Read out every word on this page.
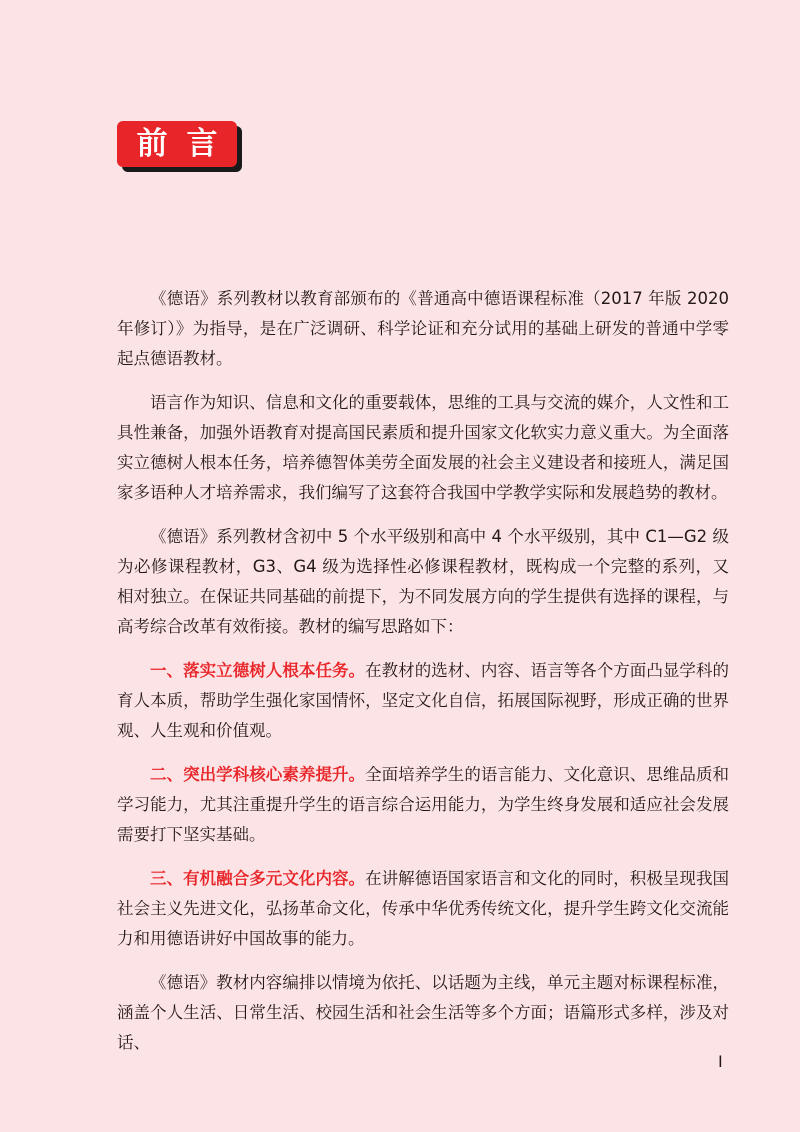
前言

《德语》系列教材以教育部颁布的《普通高中德语课程标准（2017 年版 2020 年修订）》为指导，是在广泛调研、科学论证和充分试用的基础上研发的普通中学零起点德语教材。

语言作为知识、信息和文化的重要载体，思维的工具与交流的媒介，人文性和工具性兼备，加强外语教育对提高国民素质和提升国家文化软实力意义重大。为全面落实立德树人根本任务，培养德智体美劳全面发展的社会主义建设者和接班人，满足国家多语种人才培养需求，我们编写了这套符合我国中学教学实际和发展趋势的教材。

《德语》系列教材含初中 5 个水平级别和高中 4 个水平级别，其中 C1—G2 级为必修课程教材，G3、G4 级为选择性必修课程教材，既构成一个完整的系列，又相对独立。在保证共同基础的前提下，为不同发展方向的学生提供有选择的课程，与高考综合改革有效衔接。教材的编写思路如下：

一、落实立德树人根本任务。在教材的选材、内容、语言等各个方面凸显学科的育人本质，帮助学生强化家国情怀，坚定文化自信，拓展国际视野，形成正确的世界观、人生观和价值观。

二、突出学科核心素养提升。全面培养学生的语言能力、文化意识、思维品质和学习能力，尤其注重提升学生的语言综合运用能力，为学生终身发展和适应社会发展需要打下坚实基础。

三、有机融合多元文化内容。在讲解德语国家语言和文化的同时，积极呈现我国社会主义先进文化，弘扬革命文化，传承中华优秀传统文化，提升学生跨文化交流能力和用德语讲好中国故事的能力。

《德语》教材内容编排以情境为依托、以话题为主线，单元主题对标课程标准，涵盖个人生活、日常生活、校园生活和社会生活等多个方面；语篇形式多样，涉及对话、

I
